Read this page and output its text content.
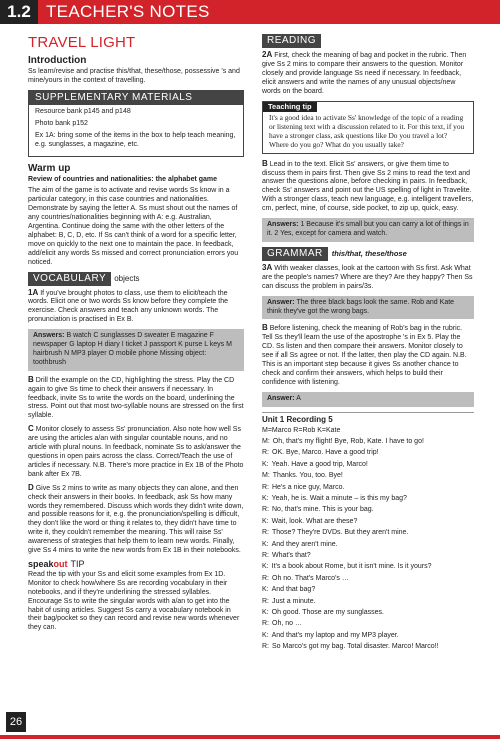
1.2 TEACHER'S NOTES
TRAVEL LIGHT
Introduction

Ss learn/revise and practise this/that, these/those, possessive 's and mine/yours in the context of travelling.

SUPPLEMENTARY MATERIALS

Resource bank p145 and p148

Photo bank p152

Ex 1A: bring some of the items in the box to help teach meaning, e.g. sunglasses, a magazine, etc.

Warm up

Review of countries and nationalities: the alphabet game

The aim of the game is to activate and revise words Ss know in a particular category, in this case countries and nationalities. Demonstrate by saying the letter A. Ss must shout out the names of any countries/nationalities beginning with A: e.g. Australian, Argentina. Continue doing the same with the other letters of the alphabet: B, C, D, etc. If Ss can't think of a word for a specific letter, move on quickly to the next one to maintain the pace. In feedback, add/elicit any words Ss missed and correct pronunciation errors you noticed.

VOCABULARY objects

1A If you've brought photos to class, use them to elicit/teach the words. Elicit one or two words Ss know before they complete the exercise. Check answers and teach any unknown words. The pronunciation is practised in Ex B.

Answers: B watch C sunglasses D sweater E magazine F newspaper G laptop H diary I ticket J passport K purse L keys M hairbrush N MP3 player O mobile phone Missing object: toothbrush

B Drill the example on the CD, highlighting the stress. Play the CD again to give Ss time to check their answers if necessary. In feedback, invite Ss to write the words on the board, underlining the stress. Point out that most two-syllable nouns are stressed on the first syllable.

C Monitor closely to assess Ss' pronunciation. Also note how well Ss are using the articles a/an with singular countable nouns, and no article with plural nouns. In feedback, nominate Ss to ask/answer the questions in open pairs across the class. Correct/Teach the use of articles if necessary. N.B. There's more practice in Ex 1B of the Photo bank after Ex 7B.

D Give Ss 2 mins to write as many objects they can alone, and then check their answers in their books. In feedback, ask Ss how many words they remembered. Discuss which words they didn't write down, and possible reasons for it, e.g. the pronunciation/spelling is difficult, they don't like the word or thing it relates to, they didn't have time to write it, they couldn't remember the meaning. This will raise Ss' awareness of strategies that help them to learn new words. Finally, give Ss 4 mins to write the new words from Ex 1B in their notebooks.

speakout TIP

Read the tip with your Ss and elicit some examples from Ex 1D. Monitor to check how/where Ss are recording vocabulary in their notebooks, and if they're underlining the stressed syllables. Encourage Ss to write the singular words with a/an to get into the habit of using articles. Suggest Ss carry a vocabulary notebook in their bag/pocket so they can record and revise new words whenever they can.

READING

2A First, check the meaning of bag and pocket in the rubric. Then give Ss 2 mins to compare their answers to the question. Monitor closely and provide language Ss need if necessary. In feedback, elicit answers and write the names of any unusual objects/new words on the board.

Teaching tip
It's a good idea to activate Ss' knowledge of the topic of a reading or listening text with a discussion related to it. For this text, if you have a stronger class, ask questions like Do you travel a lot? Where do you go? What do you usually take?

B Lead in to the text. Elicit Ss' answers, or give them time to discuss them in pairs first. Then give Ss 2 mins to read the text and answer the questions alone, before checking in pairs. In feedback, check Ss' answers and point out the US spelling of light in Travelite. With a stronger class, teach new language, e.g. intelligent travellers, cm, perfect, mine, of course, side pocket, to zip up, quick, easy.

Answers: 1 Because it's small but you can carry a lot of things in it. 2 Yes, except for camera and watch.
GRAMMAR this/that, these/those

3A With weaker classes, look at the cartoon with Ss first. Ask What are the people's names? Where are they? Are they happy? Then Ss can discuss the problem in pairs/3s.

Answer: The three black bags look the same. Rob and Kate think they've got the wrong bags.

B Before listening, check the meaning of Rob's bag in the rubric. Tell Ss they'll learn the use of the apostrophe 's in Ex 5. Play the CD. Ss listen and then compare their answers. Monitor closely to see if all Ss agree or not. If the latter, then play the CD again. N.B. This is an important step because it gives Ss another chance to check and confirm their answers, which helps to build their confidence with listening.

Answer: A
Unit 1 Recording 5
M=Marco R=Rob K=Kate
M: Oh, that's my flight! Bye, Rob, Kate. I have to go!
R: OK. Bye, Marco. Have a good trip!
K: Yeah. Have a good trip, Marco!
M: Thanks. You, too. Bye!
R: He's a nice guy, Marco.
K: Yeah, he is. Wait a minute – is this my bag?
R: No, that's mine. This is your bag.
K: Wait, look. What are these?
R: Those? They're DVDs. But they aren't mine.
K: And they aren't mine.
R: What's that?
K: It's a book about Rome, but it isn't mine. Is it yours?
R: Oh no. That's Marco's …
K: And that bag?
R: Just a minute.
K: Oh good. Those are my sunglasses.
R: Oh, no …
K: And that's my laptop and my MP3 player.
R: So Marco's got my bag. Total disaster. Marco! Marco!!
26
